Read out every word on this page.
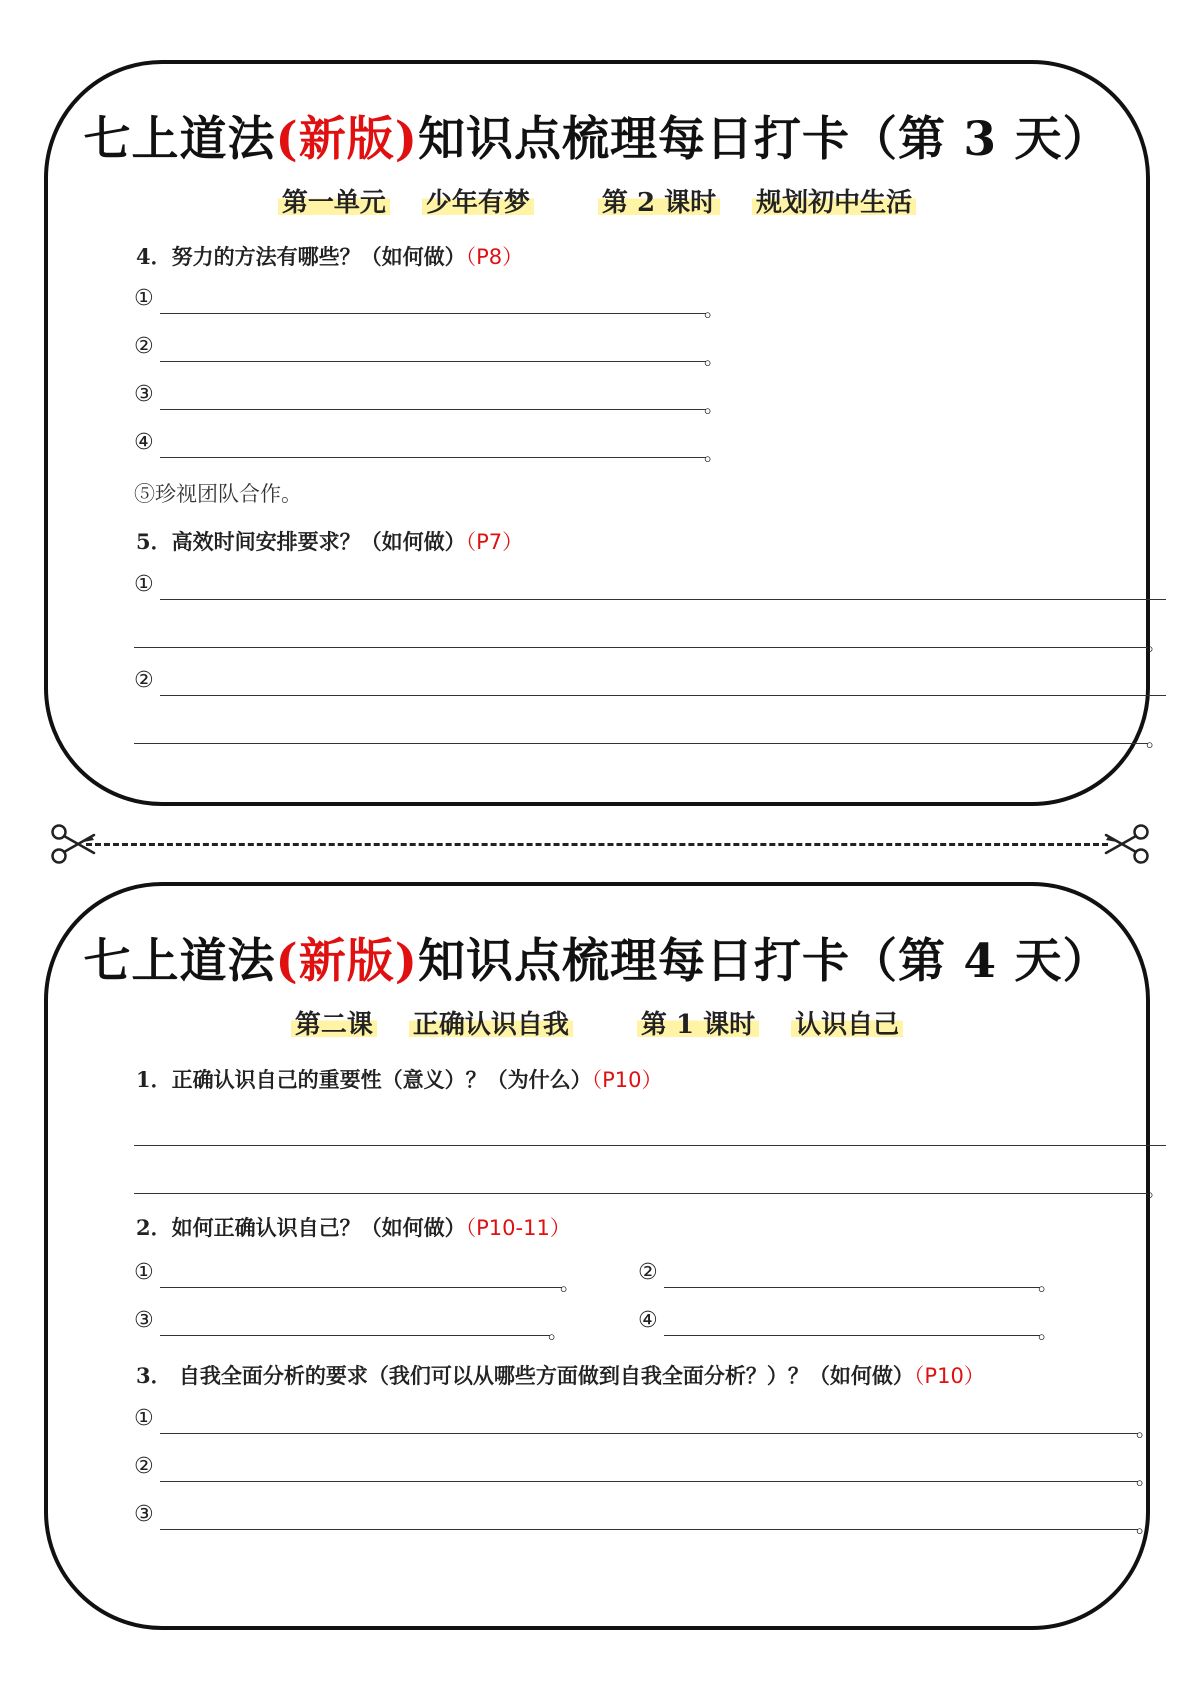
七上道法(新版)知识点梳理每日打卡（第 3 天）
第一单元 少年有梦	第 2 课时 规划初中生活
4．努力的方法有哪些？（如何做）（P8）
①	。
②	。
③	。
④	。
⑤珍视团队合作。
5．高效时间安排要求？（如何做）（P7）
①
。
②
。
七上道法(新版)知识点梳理每日打卡（第 4 天）
第二课 正确认识自我	第 1 课时 认识自己
1．正确认识自己的重要性（意义）？（为什么）（P10）
。
2．如何正确认识自己？（如何做）（P10-11）
①	。	②	。
③	。	④	。
3． 自我全面分析的要求（我们可以从哪些方面做到自我全面分析？）？（如何做）（P10）
①	。
②	。
③	。
